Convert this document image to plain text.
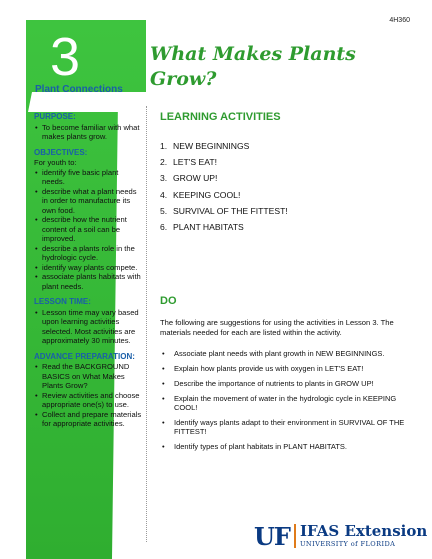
4H360
3
Plant Connections
PURPOSE:
• To become familiar with what makes plants grow.
OBJECTIVES:

For youth to:

• identify five basic plant needs.
• describe what a plant needs in order to manufacture its own food.
• describe how the nutrient content of a soil can be improved.
• describe a plants role in the hydrologic cycle.
• identify way plants compete.
• associate plants habitats with plant needs.
LESSON TIME:
• Lesson time may vary based upon learning activities selected. Most activities are approximately 30 minutes.
ADVANCE PREPARATION:
• Read the BACKGROUND BASICS on What Makes Plants Grow?
• Review activities and choose appropriate one(s) to use.
• Collect and prepare materials for appropriate activities.
What Makes Plants Grow?
LEARNING ACTIVITIES
1. NEW BEGINNINGS
2. LET'S EAT!
3. GROW UP!
4. KEEPING COOL!
5. SURVIVAL OF THE FITTEST!
6. PLANT HABITATS
DO

The following are suggestions for using the activities in Lesson 3. The materials needed for each are listed within the activity.

• Associate plant needs with plant growth in NEW BEGINNINGS.
• Explain how plants provide us with oxygen in LET'S EAT!
• Describe the importance of nutrients to plants in GROW UP!
• Explain the movement of water in the hydrologic cycle in KEEPING COOL!
• Identify ways plants adapt to their environment in SURVIVAL OF THE FITTEST!
• Identify types of plant habitats in PLANT HABITATS.
UF IFAS Extension
UNIVERSITY of FLORIDA
